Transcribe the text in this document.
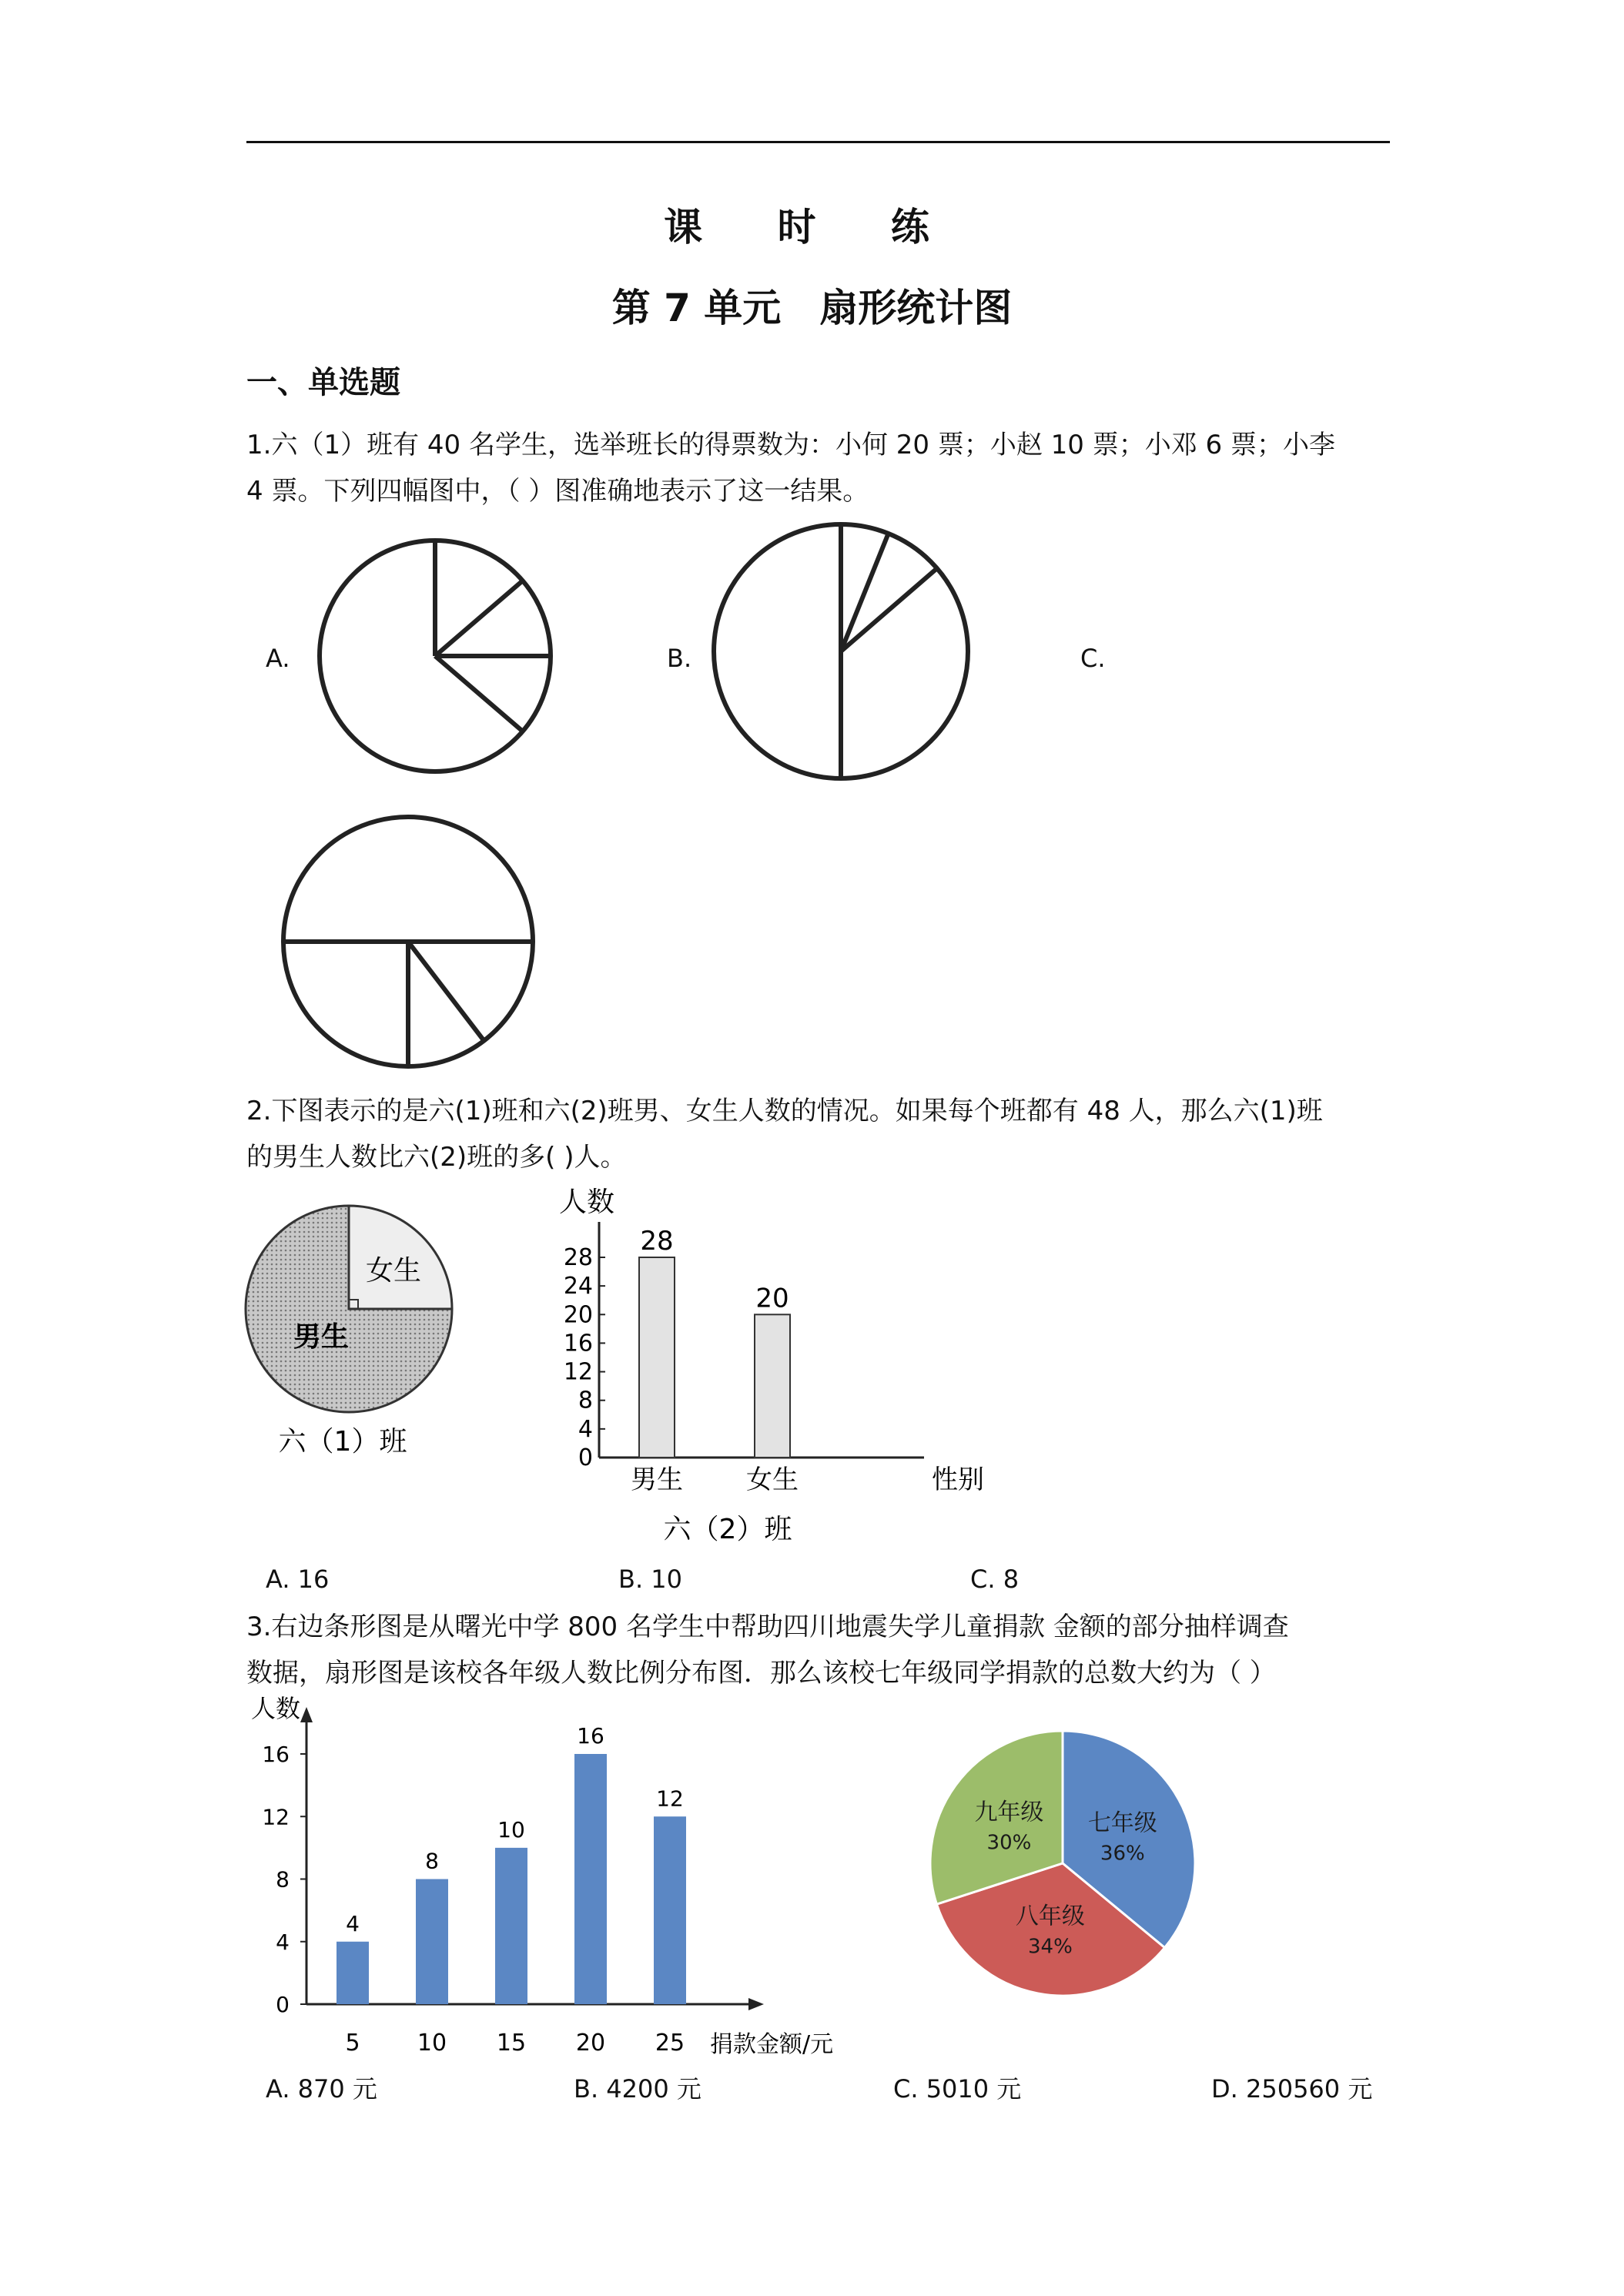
课 时 练
第 7 单元　扇形统计图
一、单选题
1.六（1）班有 40 名学生，选举班长的得票数为：小何 20 票；小赵 10 票；小邓 6 票；小李
4 票。下列四幅图中，（ ）图准确地表示了这一结果。
A.	B.	C.
2.下图表示的是六(1)班和六(2)班男、女生人数的情况。如果每个班都有 48 人，那么六(1)班
的男生人数比六(2)班的多( )人。
女生
男生
六（1）班
人数
0
4
8
12
16
20
24
28
28
男生
20
女生	性别
六（2）班
A. 16	B. 10	C. 8
3.右边条形图是从曙光中学 800 名学生中帮助四川地震失学儿童捐款 金额的部分抽样调查
数据，扇形图是该校各年级人数比例分布图．那么该校七年级同学捐款的总数大约为（ ）
人数
0
4
8
12
16
4
5
8
10
10
15
16
20
12
25 捐款金额/元
七年级
36%
八年级
34%
九年级
30%
A. 870 元	B. 4200 元	C. 5010 元	D. 250560 元
